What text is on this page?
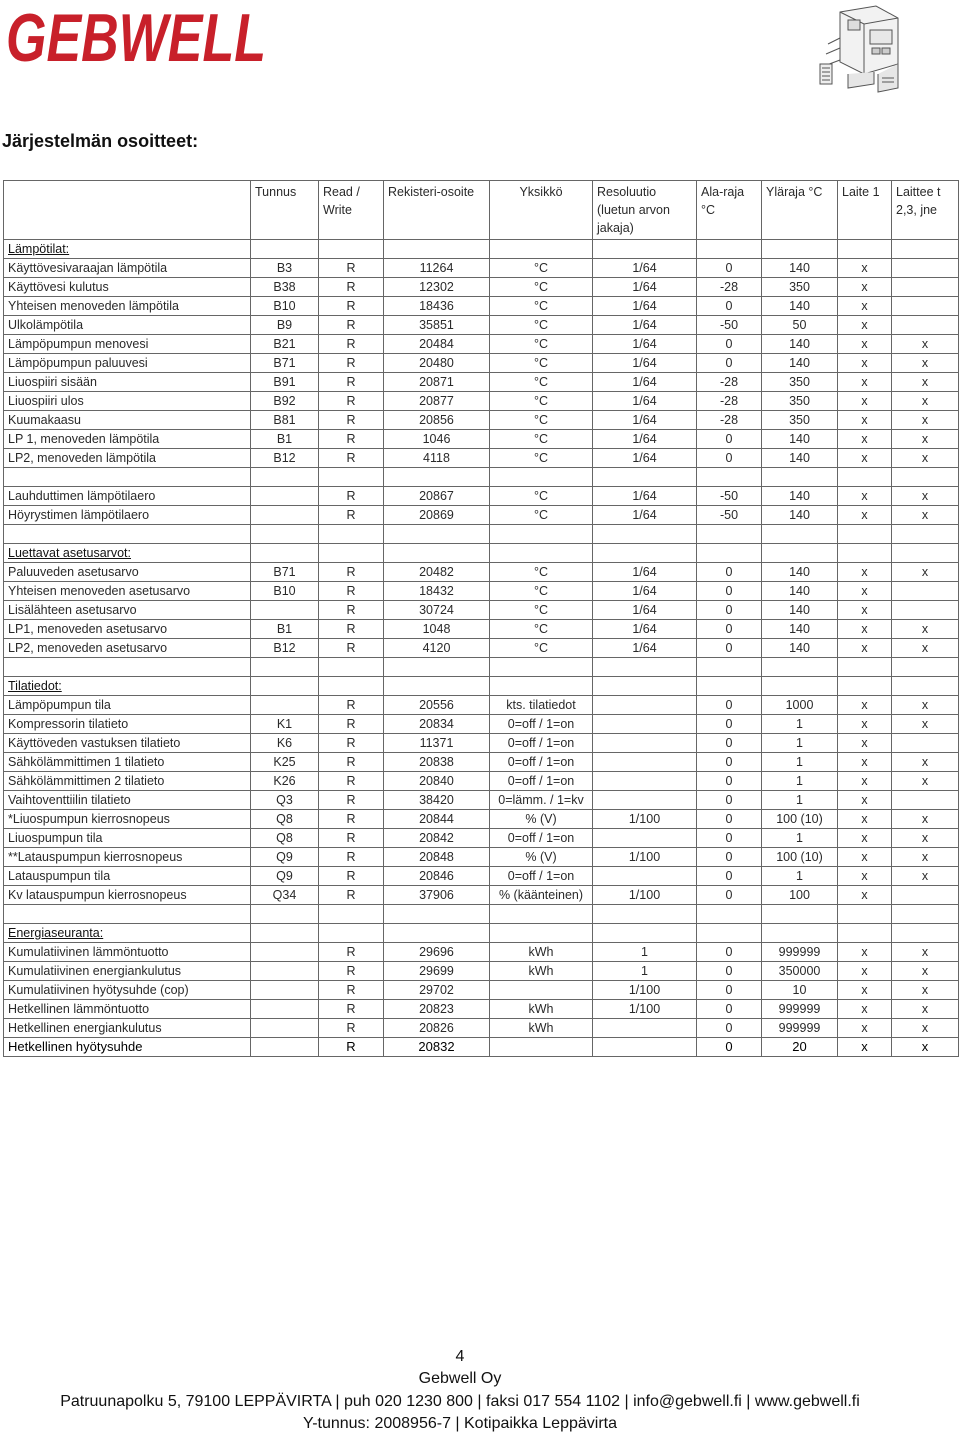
GEBWELL
Järjestelmän osoitteet:
	Tunnus	Read / Write	Rekisteri-osoite	Yksikkö	Resoluutio (luetun arvon jakaja)	Ala-raja °C	Yläraja °C	Laite 1	Laittee t 2,3, jne
Lämpötilat:									
Käyttövesivaraajan lämpötila	B3	R	11264	°C	1/64	0	140	x	
Käyttövesi kulutus	B38	R	12302	°C	1/64	-28	350	x	
Yhteisen menoveden lämpötila	B10	R	18436	°C	1/64	0	140	x	
Ulkolämpötila	B9	R	35851	°C	1/64	-50	50	x	
Lämpöpumpun menovesi	B21	R	20484	°C	1/64	0	140	x	x
Lämpöpumpun paluuvesi	B71	R	20480	°C	1/64	0	140	x	x
Liuospiiri sisään	B91	R	20871	°C	1/64	-28	350	x	x
Liuospiiri ulos	B92	R	20877	°C	1/64	-28	350	x	x
Kuumakaasu	B81	R	20856	°C	1/64	-28	350	x	x
LP 1, menoveden lämpötila	B1	R	1046	°C	1/64	0	140	x	x
LP2, menoveden lämpötila	B12	R	4118	°C	1/64	0	140	x	x

Lauhduttimen lämpötilaero		R	20867	°C	1/64	-50	140	x	x
Höyrystimen lämpötilaero		R	20869	°C	1/64	-50	140	x	x

Luettavat asetusarvot:									
Paluuveden asetusarvo	B71	R	20482	°C	1/64	0	140	x	x
Yhteisen menoveden asetusarvo	B10	R	18432	°C	1/64	0	140	x	
Lisälähteen asetusarvo		R	30724	°C	1/64	0	140	x	
LP1, menoveden asetusarvo	B1	R	1048	°C	1/64	0	140	x	x
LP2, menoveden asetusarvo	B12	R	4120	°C	1/64	0	140	x	x

Tilatiedot:									
Lämpöpumpun tila		R	20556	kts. tilatiedot		0	1000	x	x
Kompressorin tilatieto	K1	R	20834	0=off / 1=on		0	1	x	x
Käyttöveden vastuksen tilatieto	K6	R	11371	0=off / 1=on		0	1	x	
Sähkölämmittimen 1 tilatieto	K25	R	20838	0=off / 1=on		0	1	x	x
Sähkölämmittimen 2 tilatieto	K26	R	20840	0=off / 1=on		0	1	x	x
Vaihtoventtiilin tilatieto	Q3	R	38420	0=lämm. / 1=kv		0	1	x	
*Liuospumpun kierrosnopeus	Q8	R	20844	% (V)	1/100	0	100 (10)	x	x
Liuospumpun tila	Q8	R	20842	0=off / 1=on		0	1	x	x
**Latauspumpun kierrosnopeus	Q9	R	20848	% (V)	1/100	0	100 (10)	x	x
Latauspumpun tila	Q9	R	20846	0=off / 1=on		0	1	x	x
Kv latauspumpun kierrosnopeus	Q34	R	37906	% (käänteinen)	1/100	0	100	x	

Energiaseuranta:									
Kumulatiivinen lämmöntuotto		R	29696	kWh	1	0	999999	x	x
Kumulatiivinen energiankulutus		R	29699	kWh	1	0	350000	x	x
Kumulatiivinen hyötysuhde (cop)		R	29702		1/100	0	10	x	x
Hetkellinen lämmöntuotto		R	20823	kWh	1/100	0	999999	x	x
Hetkellinen energiankulutus		R	20826	kWh		0	999999	x	x
Hetkellinen hyötysuhde		R	20832			0	20	x	x
4
Gebwell Oy
Patruunapolku 5, 79100 LEPPÄVIRTA | puh 020 1230 800 | faksi 017 554 1102 | info@gebwell.fi | www.gebwell.fi
Y-tunnus: 2008956-7 | Kotipaikka Leppävirta
